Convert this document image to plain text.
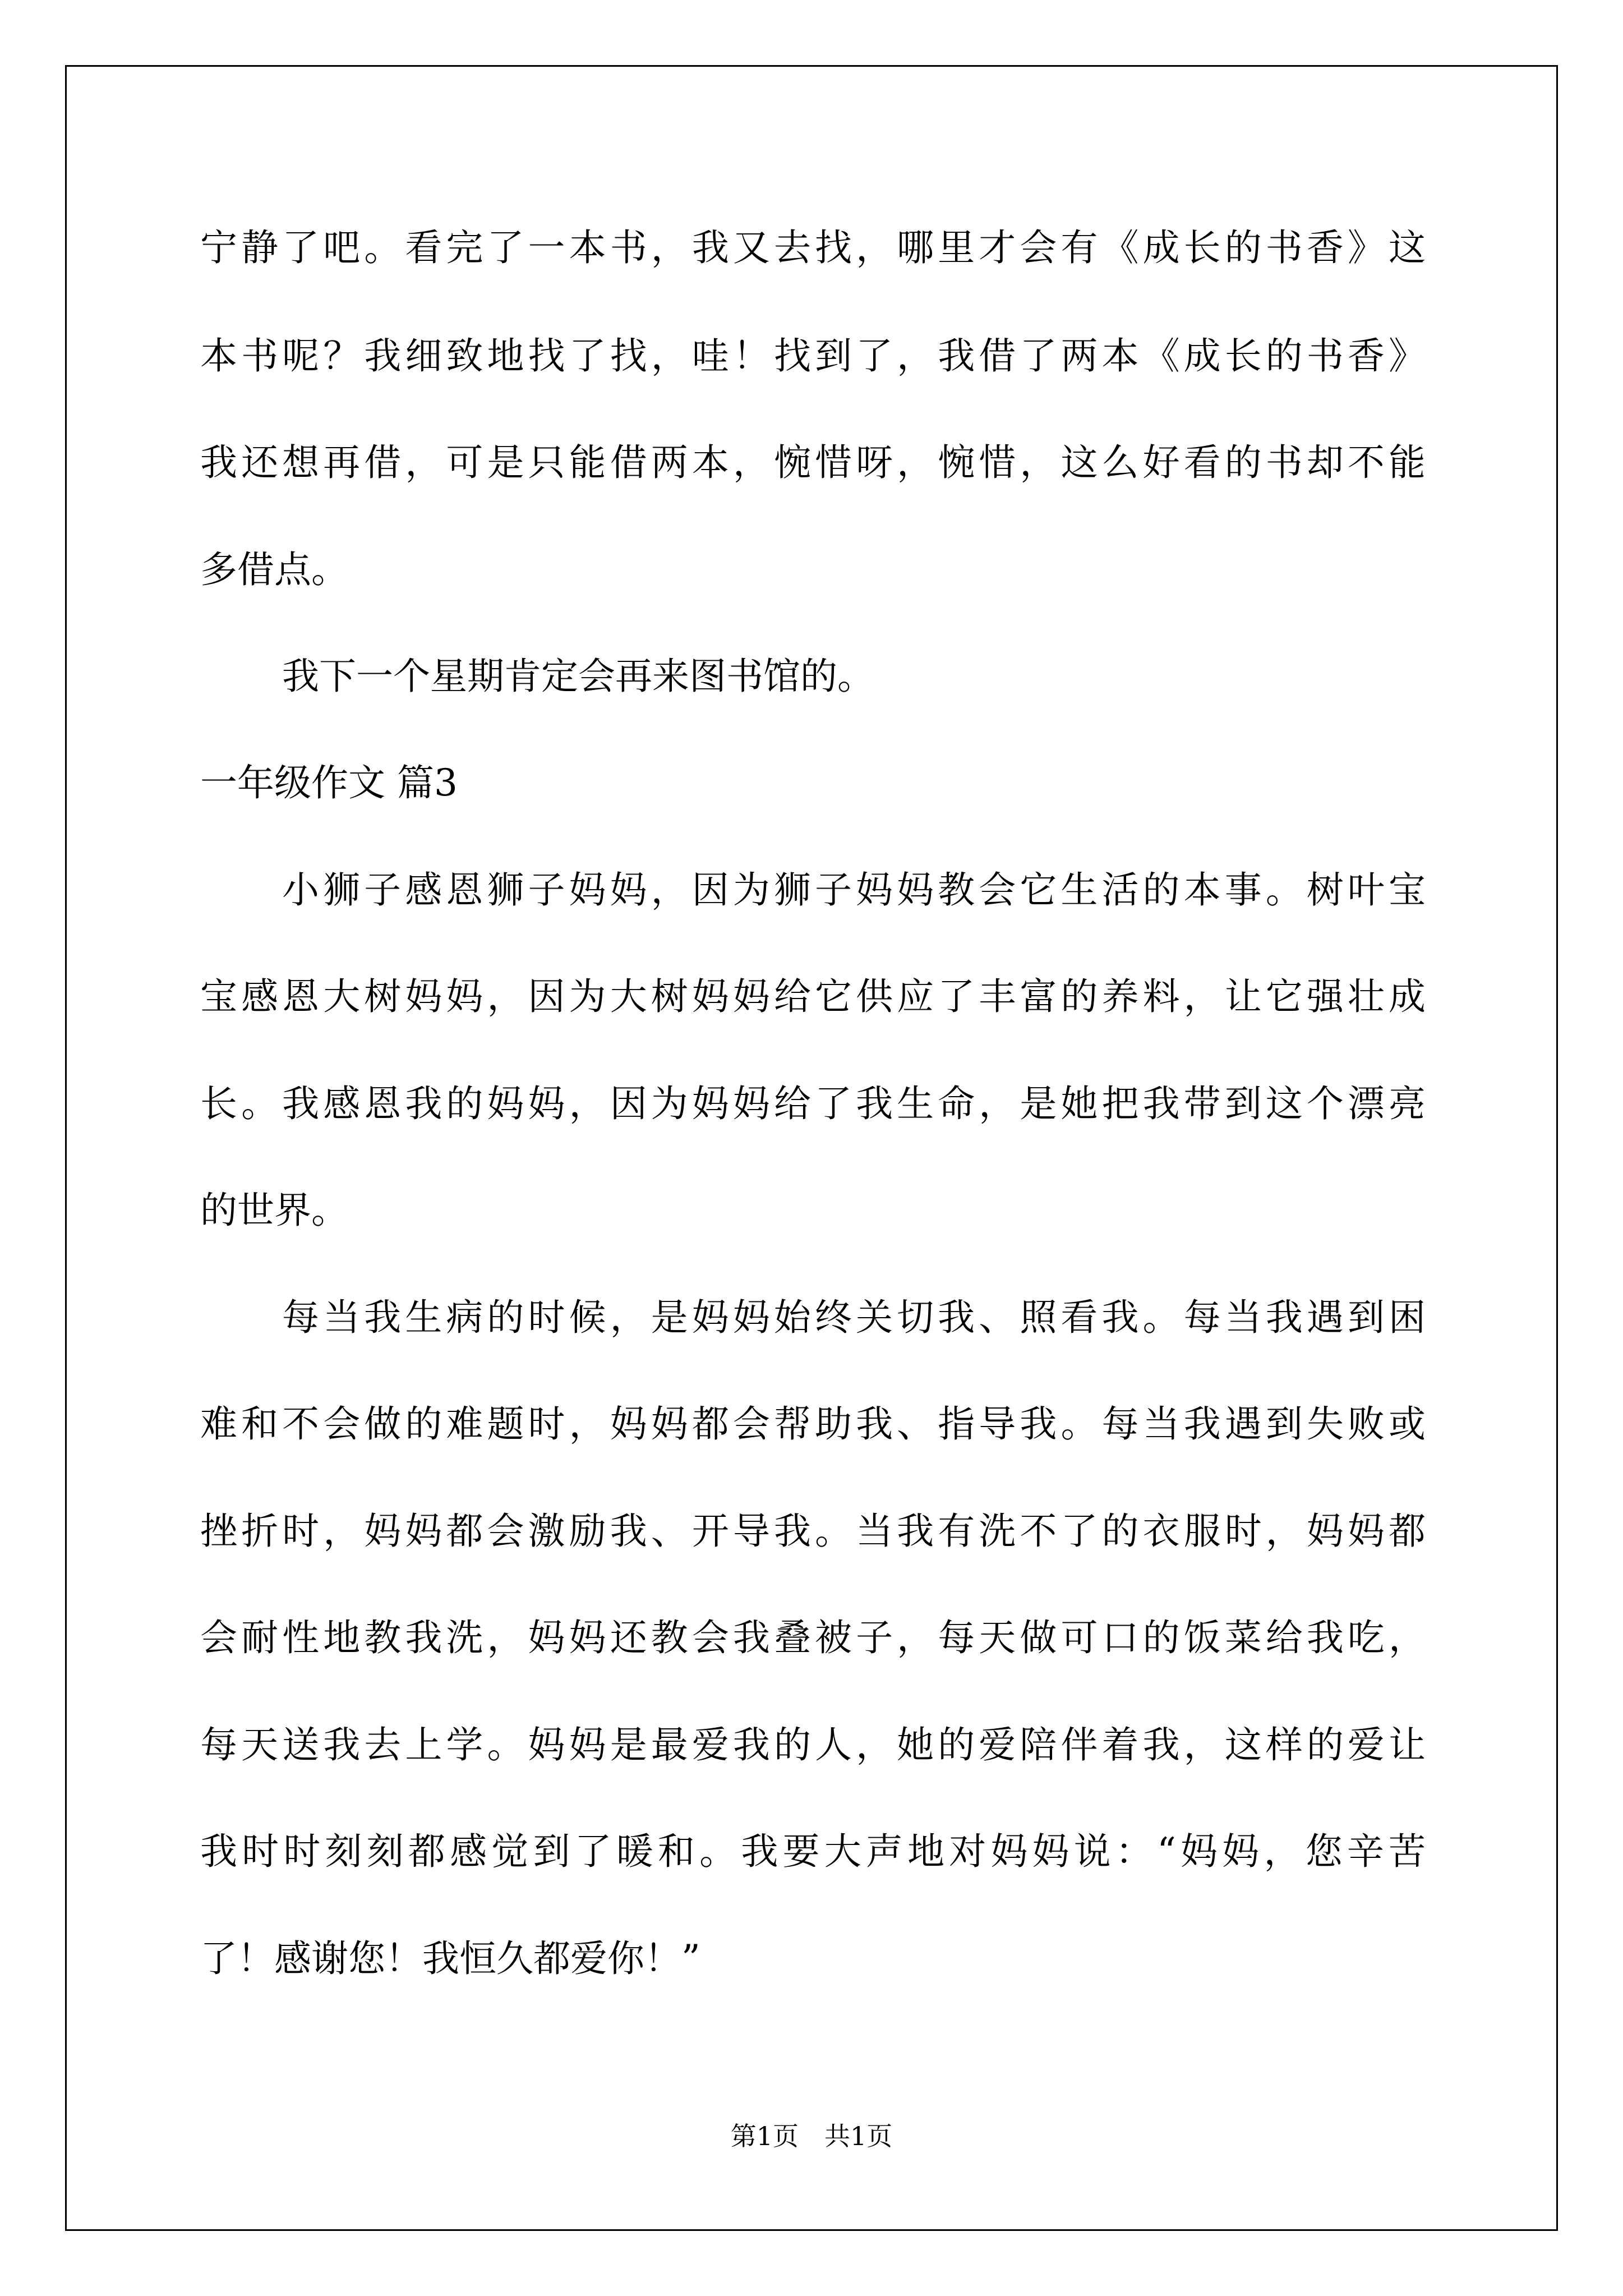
宁静了吧。看完了一本书，我又去找，哪里才会有《成长的书香》这
本书呢？我细致地找了找，哇！找到了，我借了两本《成长的书香》
我还想再借，可是只能借两本，惋惜呀，惋惜，这么好看的书却不能
多借点。
我下一个星期肯定会再来图书馆的。
一年级作文 篇3
小狮子感恩狮子妈妈，因为狮子妈妈教会它生活的本事。树叶宝
宝感恩大树妈妈，因为大树妈妈给它供应了丰富的养料，让它强壮成
长。我感恩我的妈妈，因为妈妈给了我生命，是她把我带到这个漂亮
的世界。
每当我生病的时候，是妈妈始终关切我、照看我。每当我遇到困
难和不会做的难题时，妈妈都会帮助我、指导我。每当我遇到失败或
挫折时，妈妈都会激励我、开导我。当我有洗不了的衣服时，妈妈都
会耐性地教我洗，妈妈还教会我叠被子，每天做可口的饭菜给我吃，
每天送我去上学。妈妈是最爱我的人，她的爱陪伴着我，这样的爱让
我时时刻刻都感觉到了暖和。我要大声地对妈妈说：“妈妈，您辛苦
了！感谢您！我恒久都爱你！”
第1页　共1页
